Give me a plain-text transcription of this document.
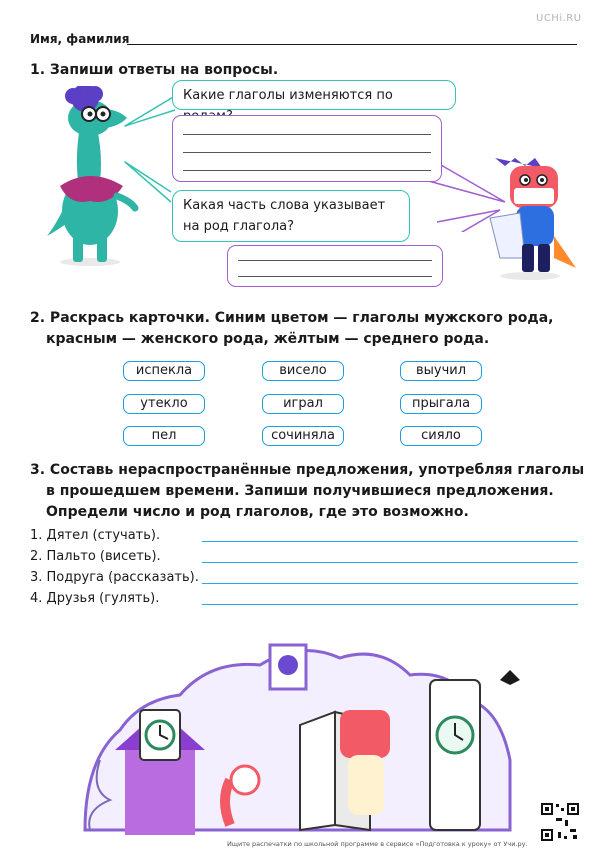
UCHi.RU
Имя, фамилия
1. Запиши ответы на вопросы.
Какие глаголы изменяются по
Какая часть слова указывает
на род глагола?
2. Раскрась карточки. Синим цветом — глаголы мужского рода,
красным — женского рода, жёлтым — среднего рода.
испекла	висело	выучил
утекло	играл	прыгала
пел	сочиняла	сияло
3. Составь нераспространённые предложения, употребляя глаголы
в прошедшем времени. Запиши получившиеся предложения.
Определи число и род глаголов, где это возможно.
1. Дятел (стучать).
2. Пальто (висеть).
3. Подруга (рассказать).
4. Друзья (гулять).
Ищите распечатки по школьной программе в сервисе «Подготовка к уроку» от Учи.ру.
